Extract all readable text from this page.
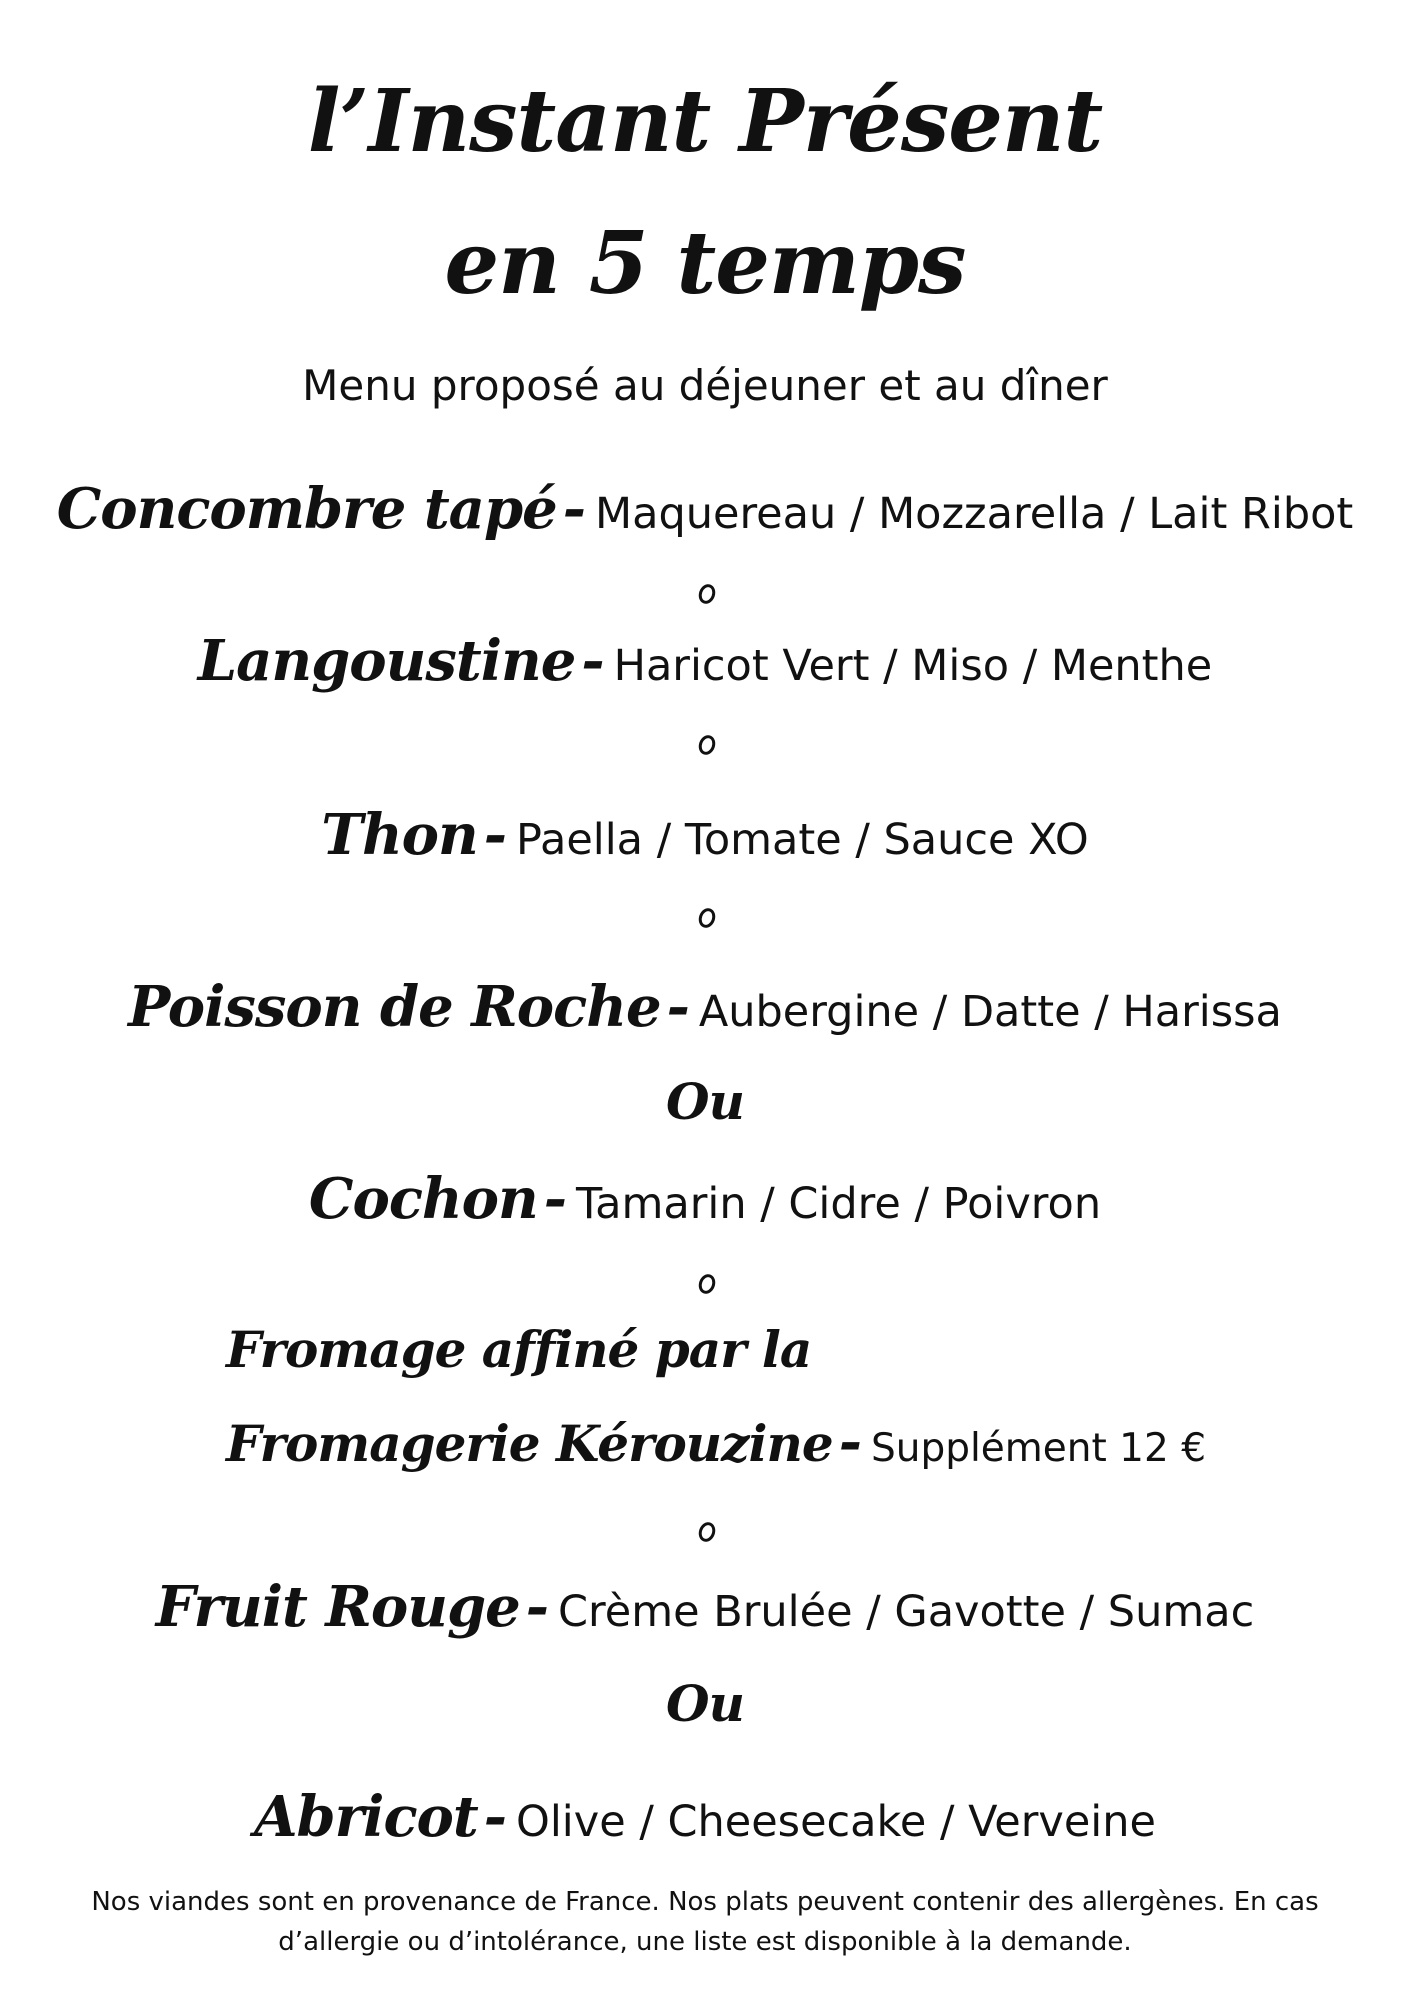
l’Instant Présent
en 5 temps
Menu proposé au déjeuner et au dîner
Concombre tapé - Maquereau / Mozzarella / Lait Ribot
Langoustine - Haricot Vert / Miso / Menthe
Thon - Paella / Tomate / Sauce XO
Poisson de Roche - Aubergine / Datte / Harissa
Ou
Cochon - Tamarin / Cidre / Poivron
Fromage affiné par la
Fromagerie Kérouzine - Supplément 12 €
Fruit Rouge - Crème Brulée / Gavotte / Sumac
Ou
Abricot - Olive / Cheesecake / Verveine
Nos viandes sont en provenance de France. Nos plats peuvent contenir des allergènes. En cas d’allergie ou d’intolérance, une liste est disponible à la demande.
